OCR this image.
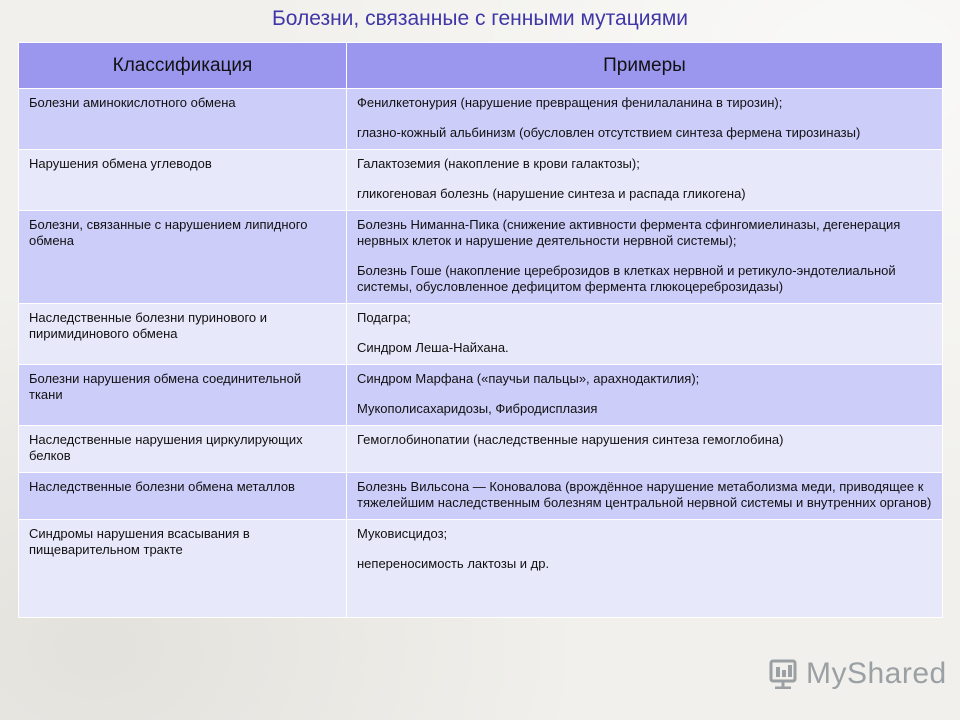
Болезни, связанные с генными мутациями
Классификация	Примеры
Болезни аминокислотного обмена	Фенилкетонурия (нарушение превращения фенилаланина в тирозин);

глазно-кожный альбинизм (обусловлен отсутствием синтеза фермена тирозиназы)

Нарушения обмена углеводов	Галактоземия (накопление в крови галактозы);

гликогеновая болезнь (нарушение синтеза и распада гликогена)

Болезни, связанные с нарушением липидного обмена	Болезнь Ниманна-Пика (снижение активности фермента сфингомиелиназы, дегенерация нервных клеток и нарушение деятельности нервной системы);

Болезнь Гоше (накопление цереброзидов в клетках нервной и ретикуло-эндотелиальной системы, обусловленное дефицитом фермента глюкоцереброзидазы)

Наследственные болезни пуринового и пиримидинового обмена	Подагра;

Синдром Леша-Найхана.

Болезни нарушения обмена соединительной ткани	Синдром Марфана («паучьи пальцы», арахнодактилия);

Мукополисахаридозы, Фибродисплазия

Наследственные нарушения циркулирующих белков	Гемоглобинопатии (наследственные нарушения синтеза гемоглобина)

Наследственные болезни обмена металлов	Болезнь Вильсона — Коновалова (врождённое нарушение метаболизма меди, приводящее к тяжелейшим наследственным болезням центральной нервной системы и внутренних органов)

Синдромы нарушения всасывания в пищеварительном тракте	Муковисцидоз;

непереносимость лактозы и др.

MyShared
